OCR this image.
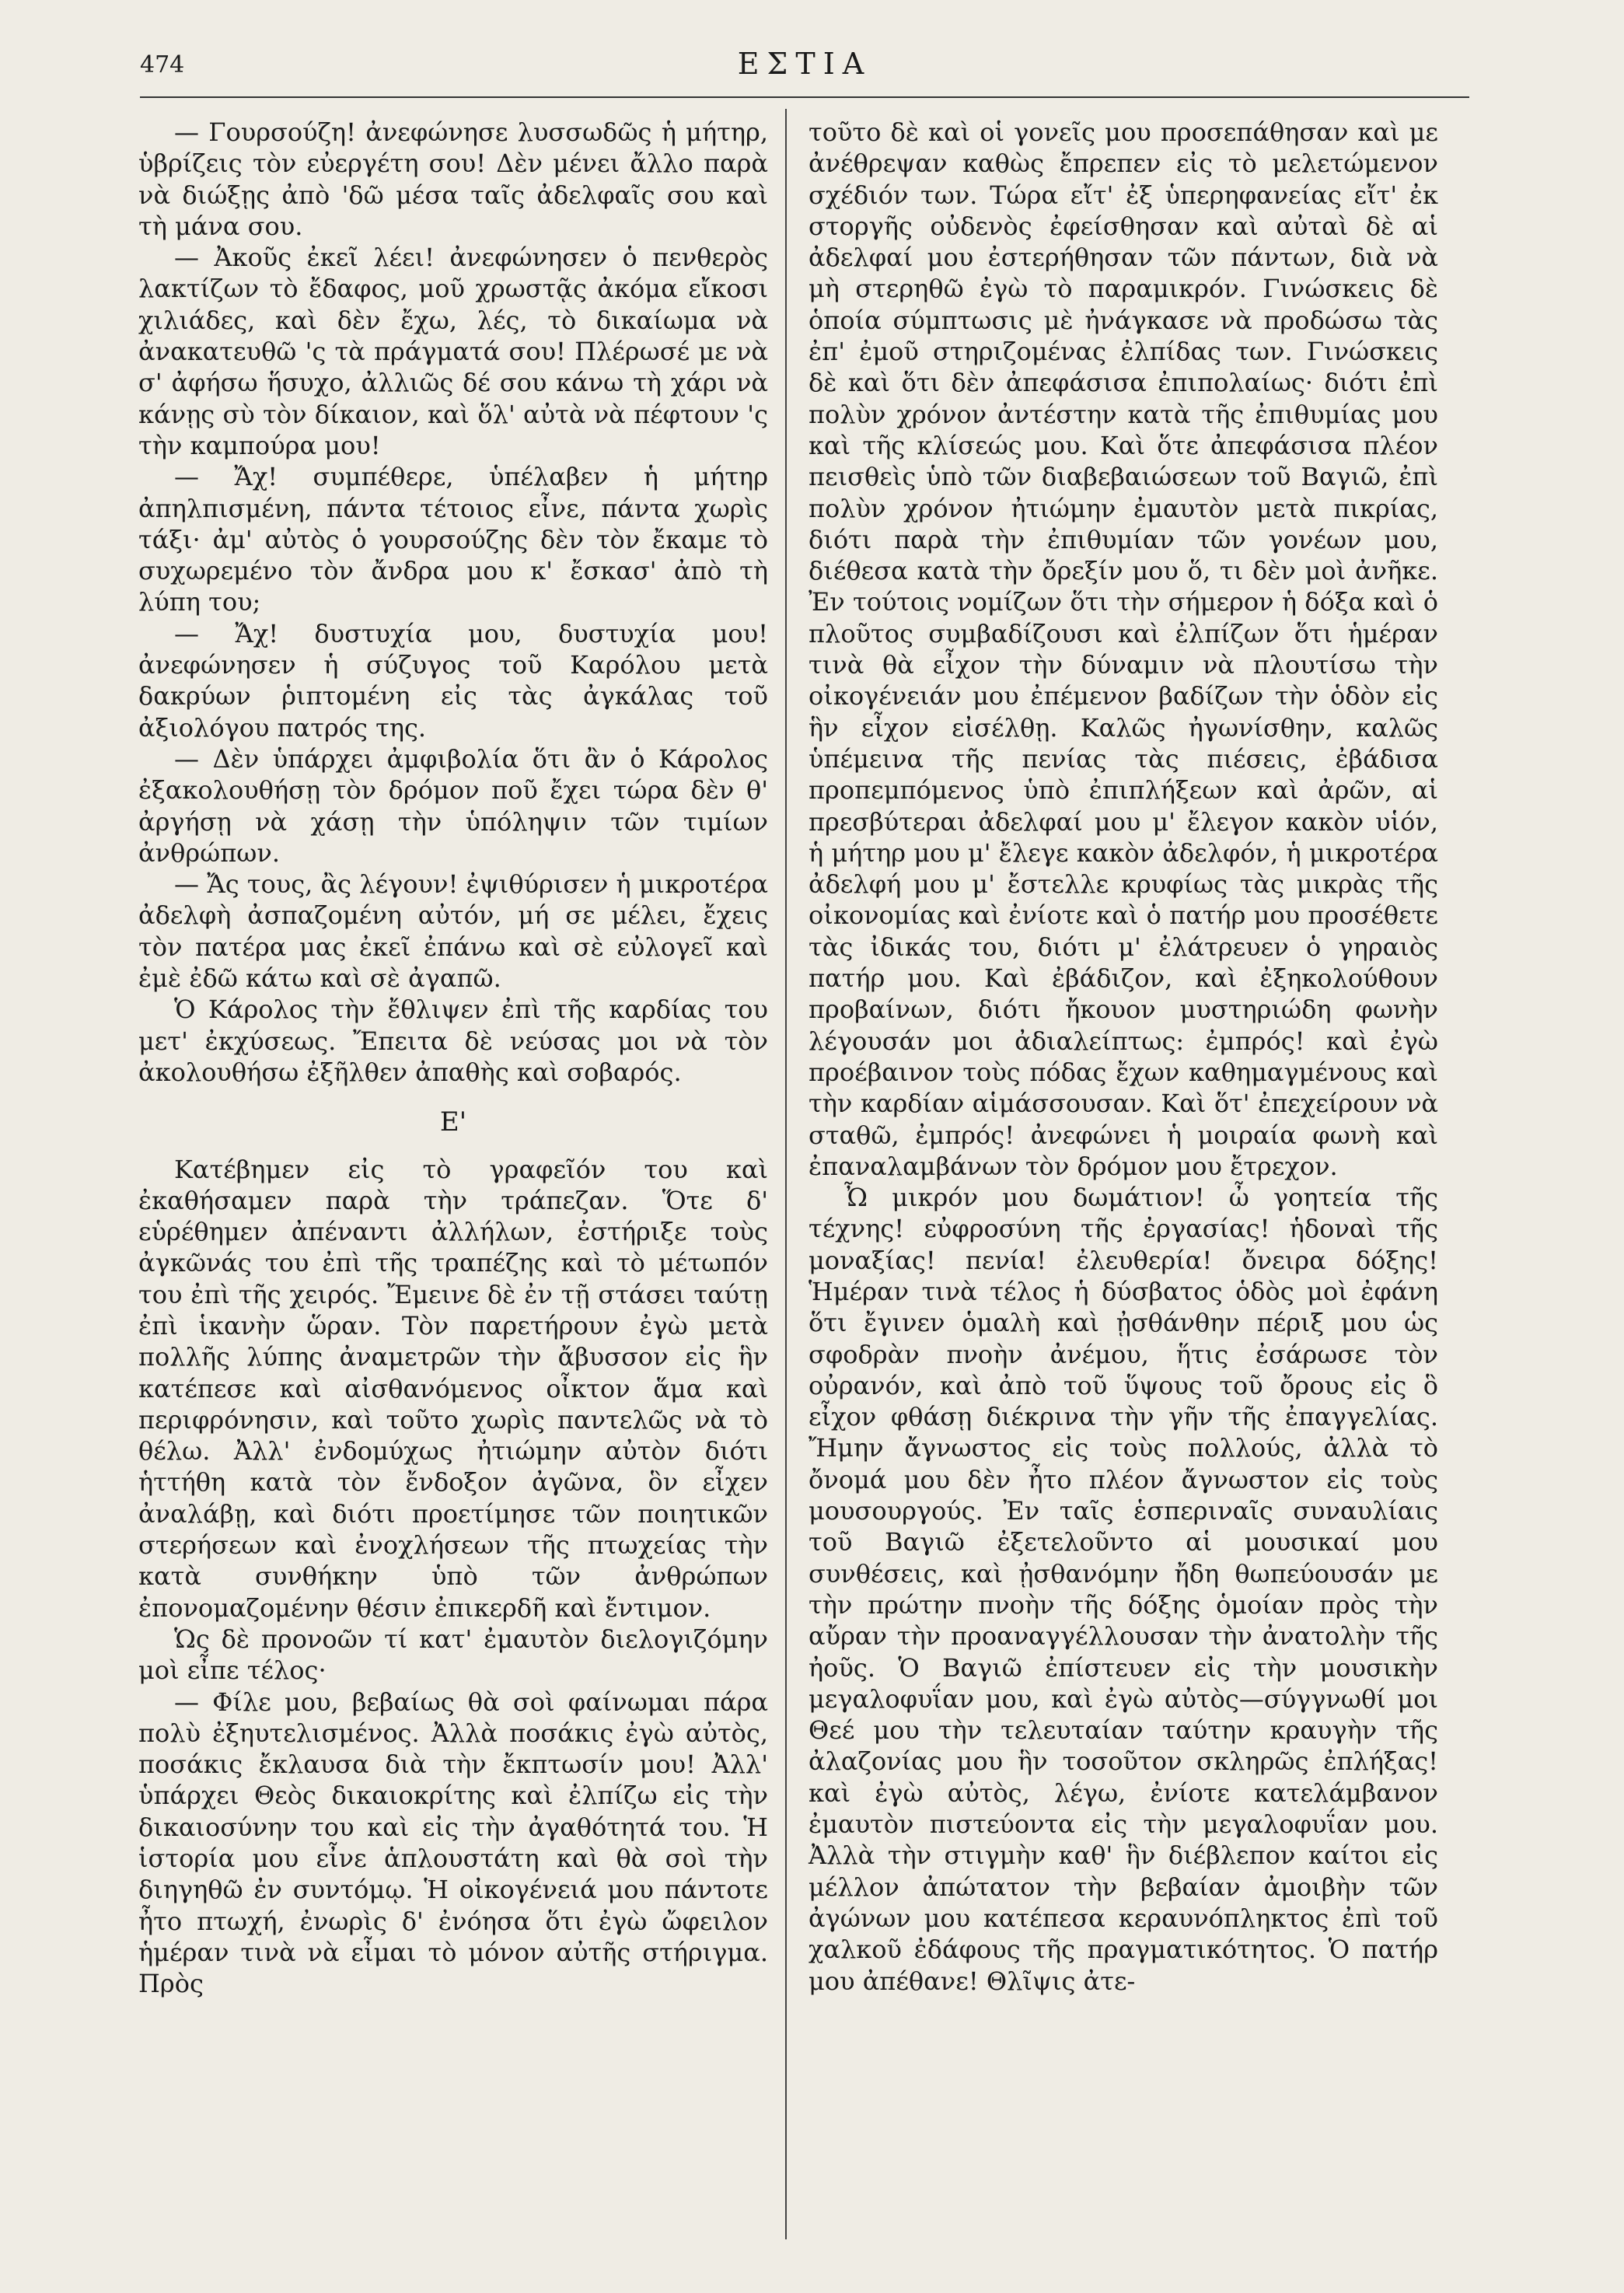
474	ΕΣΤΙΑ

— Γουρσούζη! ἀνεφώνησε λυσσωδῶς ἡ μήτηρ, ὑβρίζεις τὸν εὐεργέτη σου! Δὲν μένει ἄλλο παρὰ νὰ διώξῃς ἀπὸ 'δῶ μέσα ταῖς ἀδελφαῖς σου καὶ τὴ μάνα σου.

— Ἀκοῦς ἐκεῖ λέει! ἀνεφώνησεν ὁ πενθερὸς λακτίζων τὸ ἔδαφος, μοῦ χρωστᾷς ἀκόμα εἴκοσι χιλιάδες, καὶ δὲν ἔχω, λές, τὸ δικαίωμα νὰ ἀνακατευθῶ 'ς τὰ πράγματά σου! Πλέρωσέ με νὰ σ' ἀφήσω ἥσυχο, ἀλλιῶς δέ σου κάνω τὴ χάρι νὰ κάνῃς σὺ τὸν δίκαιον, καὶ ὅλ' αὐτὰ νὰ πέφτουν 'ς τὴν καμπούρα μου!

— Ἄχ! συμπέθερε, ὑπέλαβεν ἡ μήτηρ ἀπηλπισμένη, πάντα τέτοιος εἶνε, πάντα χωρὶς τάξι· ἀμ' αὐτὸς ὁ γουρσούζης δὲν τὸν ἔκαμε τὸ συχωρεμένο τὸν ἄνδρα μου κ' ἔσκασ' ἀπὸ τὴ λύπη του;

— Ἄχ! δυστυχία μου, δυστυχία μου! ἀνεφώνησεν ἡ σύζυγος τοῦ Καρόλου μετὰ δακρύων ῥιπτομένη εἰς τὰς ἀγκάλας τοῦ ἀξιολόγου πατρός της.

— Δὲν ὑπάρχει ἀμφιβολία ὅτι ἂν ὁ Κάρολος ἐξακολουθήσῃ τὸν δρόμον ποῦ ἔχει τώρα δὲν θ' ἀργήσῃ νὰ χάσῃ τὴν ὑπόληψιν τῶν τιμίων ἀνθρώπων.

— Ἄς τους, ἂς λέγουν! ἐψιθύρισεν ἡ μικροτέρα ἀδελφὴ ἀσπαζομένη αὐτόν, μή σε μέλει, ἔχεις τὸν πατέρα μας ἐκεῖ ἐπάνω καὶ σὲ εὐλογεῖ καὶ ἐμὲ ἐδῶ κάτω καὶ σὲ ἀγαπῶ.

Ὁ Κάρολος τὴν ἔθλιψεν ἐπὶ τῆς καρδίας του μετ' ἐκχύσεως. Ἔπειτα δὲ νεύσας μοι νὰ τὸν ἀκολουθήσω ἐξῆλθεν ἀπαθὴς καὶ σοβαρός.

Ε'

Κατέβημεν εἰς τὸ γραφεῖόν του καὶ ἐκαθήσαμεν παρὰ τὴν τράπεζαν. Ὅτε δ' εὑρέθημεν ἀπέναντι ἀλλήλων, ἐστήριξε τοὺς ἀγκῶνάς του ἐπὶ τῆς τραπέζης καὶ τὸ μέτωπόν του ἐπὶ τῆς χειρός. Ἔμεινε δὲ ἐν τῇ στάσει ταύτῃ ἐπὶ ἱκανὴν ὥραν. Τὸν παρετήρουν ἐγὼ μετὰ πολλῆς λύπης ἀναμετρῶν τὴν ἄβυσσον εἰς ἣν κατέπεσε καὶ αἰσθανόμενος οἶκτον ἅμα καὶ περιφρόνησιν, καὶ τοῦτο χωρὶς παντελῶς νὰ τὸ θέλω. Ἀλλ' ἐνδομύχως ἠτιώμην αὐτὸν διότι ἡττήθη κατὰ τὸν ἔνδοξον ἀγῶνα, ὃν εἶχεν ἀναλάβῃ, καὶ διότι προετίμησε τῶν ποιητικῶν στερήσεων καὶ ἐνοχλήσεων τῆς πτωχείας τὴν κατὰ συνθήκην ὑπὸ τῶν ἀνθρώπων ἐπονομαζομένην θέσιν ἐπικερδῆ καὶ ἔντιμον.

Ὡς δὲ προνοῶν τί κατ' ἐμαυτὸν διελογιζόμην μοὶ εἶπε τέλος·

— Φίλε μου, βεβαίως θὰ σοὶ φαίνωμαι πάρα πολὺ ἐξηυτελισμένος. Ἀλλὰ ποσάκις ἐγὼ αὐτὸς, ποσάκις ἔκλαυσα διὰ τὴν ἔκπτωσίν μου! Ἀλλ' ὑπάρχει Θεὸς δικαιοκρίτης καὶ ἐλπίζω εἰς τὴν δικαιοσύνην του καὶ εἰς τὴν ἀγαθότητά του. Ἡ ἱστορία μου εἶνε ἁπλουστάτη καὶ θὰ σοὶ τὴν διηγηθῶ ἐν συντόμῳ. Ἡ οἰκογένειά μου πάντοτε ἦτο πτωχή, ἐνωρὶς δ' ἐνόησα ὅτι ἐγὼ ὤφειλον ἡμέραν τινὰ νὰ εἶμαι τὸ μόνον αὐτῆς στήριγμα. Πρὸς

τοῦτο δὲ καὶ οἱ γονεῖς μου προσεπάθησαν καὶ με ἀνέθρεψαν καθὼς ἔπρεπεν εἰς τὸ μελετώμενον σχέδιόν των. Τώρα εἴτ' ἐξ ὑπερηφανείας εἴτ' ἐκ στοργῆς οὐδενὸς ἐφείσθησαν καὶ αὐταὶ δὲ αἱ ἀδελφαί μου ἐστερήθησαν τῶν πάντων, διὰ νὰ μὴ στερηθῶ ἐγὼ τὸ παραμικρόν. Γινώσκεις δὲ ὁποία σύμπτωσις μὲ ἠνάγκασε νὰ προδώσω τὰς ἐπ' ἐμοῦ στηριζομένας ἐλπίδας των. Γινώσκεις δὲ καὶ ὅτι δὲν ἀπεφάσισα ἐπιπολαίως· διότι ἐπὶ πολὺν χρόνον ἀντέστην κατὰ τῆς ἐπιθυμίας μου καὶ τῆς κλίσεώς μου. Καὶ ὅτε ἀπεφάσισα πλέον πεισθεὶς ὑπὸ τῶν διαβεβαιώσεων τοῦ Βαγιῶ, ἐπὶ πολὺν χρόνον ἠτιώμην ἐμαυτὸν μετὰ πικρίας, διότι παρὰ τὴν ἐπιθυμίαν τῶν γονέων μου, διέθεσα κατὰ τὴν ὄρεξίν μου ὅ, τι δὲν μοὶ ἀνῆκε. Ἐν τούτοις νομίζων ὅτι τὴν σήμερον ἡ δόξα καὶ ὁ πλοῦτος συμβαδίζουσι καὶ ἐλπίζων ὅτι ἡμέραν τινὰ θὰ εἶχον τὴν δύναμιν νὰ πλουτίσω τὴν οἰκογένειάν μου ἐπέμενον βαδίζων τὴν ὁδὸν εἰς ἣν εἶχον εἰσέλθῃ. Καλῶς ἠγωνίσθην, καλῶς ὑπέμεινα τῆς πενίας τὰς πιέσεις, ἐβάδισα προπεμπόμενος ὑπὸ ἐπιπλήξεων καὶ ἀρῶν, αἱ πρεσβύτεραι ἀδελφαί μου μ' ἔλεγον κακὸν υἱόν, ἡ μήτηρ μου μ' ἔλεγε κακὸν ἀδελφόν, ἡ μικροτέρα ἀδελφή μου μ' ἔστελλε κρυφίως τὰς μικρὰς τῆς οἰκονομίας καὶ ἐνίοτε καὶ ὁ πατήρ μου προσέθετε τὰς ἰδικάς του, διότι μ' ἐλάτρευεν ὁ γηραιὸς πατήρ μου. Καὶ ἐβάδιζον, καὶ ἐξηκολούθουν προβαίνων, διότι ἤκουον μυστηριώδη φωνὴν λέγουσάν μοι ἀδιαλείπτως: ἐμπρός! καὶ ἐγὼ προέβαινον τοὺς πόδας ἔχων καθημαγμένους καὶ τὴν καρδίαν αἱμάσσουσαν. Καὶ ὅτ' ἐπεχείρουν νὰ σταθῶ, ἐμπρός! ἀνεφώνει ἡ μοιραία φωνὴ καὶ ἐπαναλαμβάνων τὸν δρόμον μου ἔτρεχον.

Ὦ μικρόν μου δωμάτιον! ὦ γοητεία τῆς τέχνης! εὐφροσύνη τῆς ἐργασίας! ἡδοναὶ τῆς μοναξίας! πενία! ἐλευθερία! ὄνειρα δόξης! Ἡμέραν τινὰ τέλος ἡ δύσβατος ὁδὸς μοὶ ἐφάνη ὅτι ἔγινεν ὁμαλὴ καὶ ᾐσθάνθην πέριξ μου ὡς σφοδρὰν πνοὴν ἀνέμου, ἥτις ἐσάρωσε τὸν οὐρανόν, καὶ ἀπὸ τοῦ ὕψους τοῦ ὄρους εἰς ὃ εἶχον φθάσῃ διέκρινα τὴν γῆν τῆς ἐπαγγελίας. Ἤμην ἄγνωστος εἰς τοὺς πολλούς, ἀλλὰ τὸ ὄνομά μου δὲν ἦτο πλέον ἄγνωστον εἰς τοὺς μουσουργούς. Ἐν ταῖς ἑσπεριναῖς συναυλίαις τοῦ Βαγιῶ ἐξετελοῦντο αἱ μουσικαί μου συνθέσεις, καὶ ᾐσθανόμην ἤδη θωπεύουσάν με τὴν πρώτην πνοὴν τῆς δόξης ὁμοίαν πρὸς τὴν αὔραν τὴν προαναγγέλλουσαν τὴν ἀνατολὴν τῆς ἠοῦς. Ὁ Βαγιῶ ἐπίστευεν εἰς τὴν μουσικὴν μεγαλοφυΐαν μου, καὶ ἐγὼ αὐτὸς—σύγγνωθί μοι Θεέ μου τὴν τελευταίαν ταύτην κραυγὴν τῆς ἀλαζονίας μου ἣν τοσοῦτον σκληρῶς ἐπλήξας! καὶ ἐγὼ αὐτὸς, λέγω, ἐνίοτε κατελάμβανον ἐμαυτὸν πιστεύοντα εἰς τὴν μεγαλοφυΐαν μου. Ἀλλὰ τὴν στιγμὴν καθ' ἣν διέβλεπον καίτοι εἰς μέλλον ἀπώτατον τὴν βεβαίαν ἀμοιβὴν τῶν ἀγώνων μου κατέπεσα κεραυνόπληκτος ἐπὶ τοῦ χαλκοῦ ἐδάφους τῆς πραγματικότητος. Ὁ πατήρ μου ἀπέθανε! Θλῖψις ἀτε-
